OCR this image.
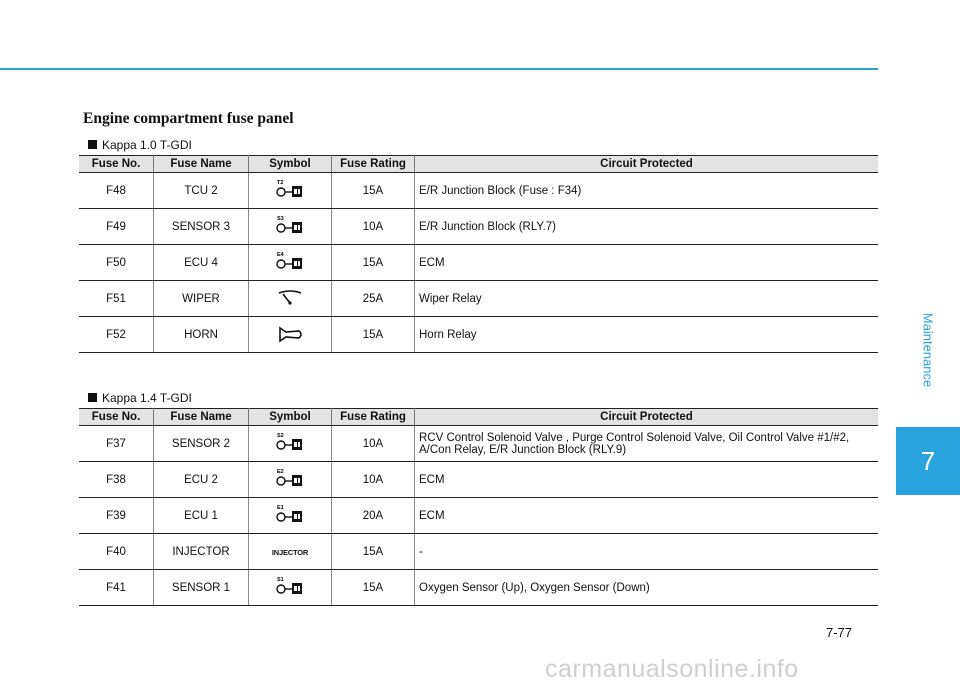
Engine compartment fuse panel
Kappa 1.0 T-GDI
Fuse No.	Fuse Name	Symbol	Fuse Rating	Circuit Protected
F48	TCU 2	T2	15A	E/R Junction Block (Fuse : F34)
F49	SENSOR 3	S3	10A	E/R Junction Block (RLY.7)
F50	ECU 4	E4	15A	ECM
F51	WIPER		25A	Wiper Relay
F52	HORN		15A	Horn Relay
Kappa 1.4 T-GDI
Fuse No.	Fuse Name	Symbol	Fuse Rating	Circuit Protected
F37	SENSOR 2	S2	10A	RCV Control Solenoid Valve , Purge Control Solenoid Valve, Oil Control Valve #1/#2, A/Con Relay, E/R Junction Block (RLY.9)
F38	ECU 2	E2	10A	ECM
F39	ECU 1	E1	20A	ECM
F40	INJECTOR	INJECTOR	15A	-
F41	SENSOR 1	S1	15A	Oxygen Sensor (Up), Oxygen Sensor (Down)
Maintenance
7
7-77
carmanualsonline.info
